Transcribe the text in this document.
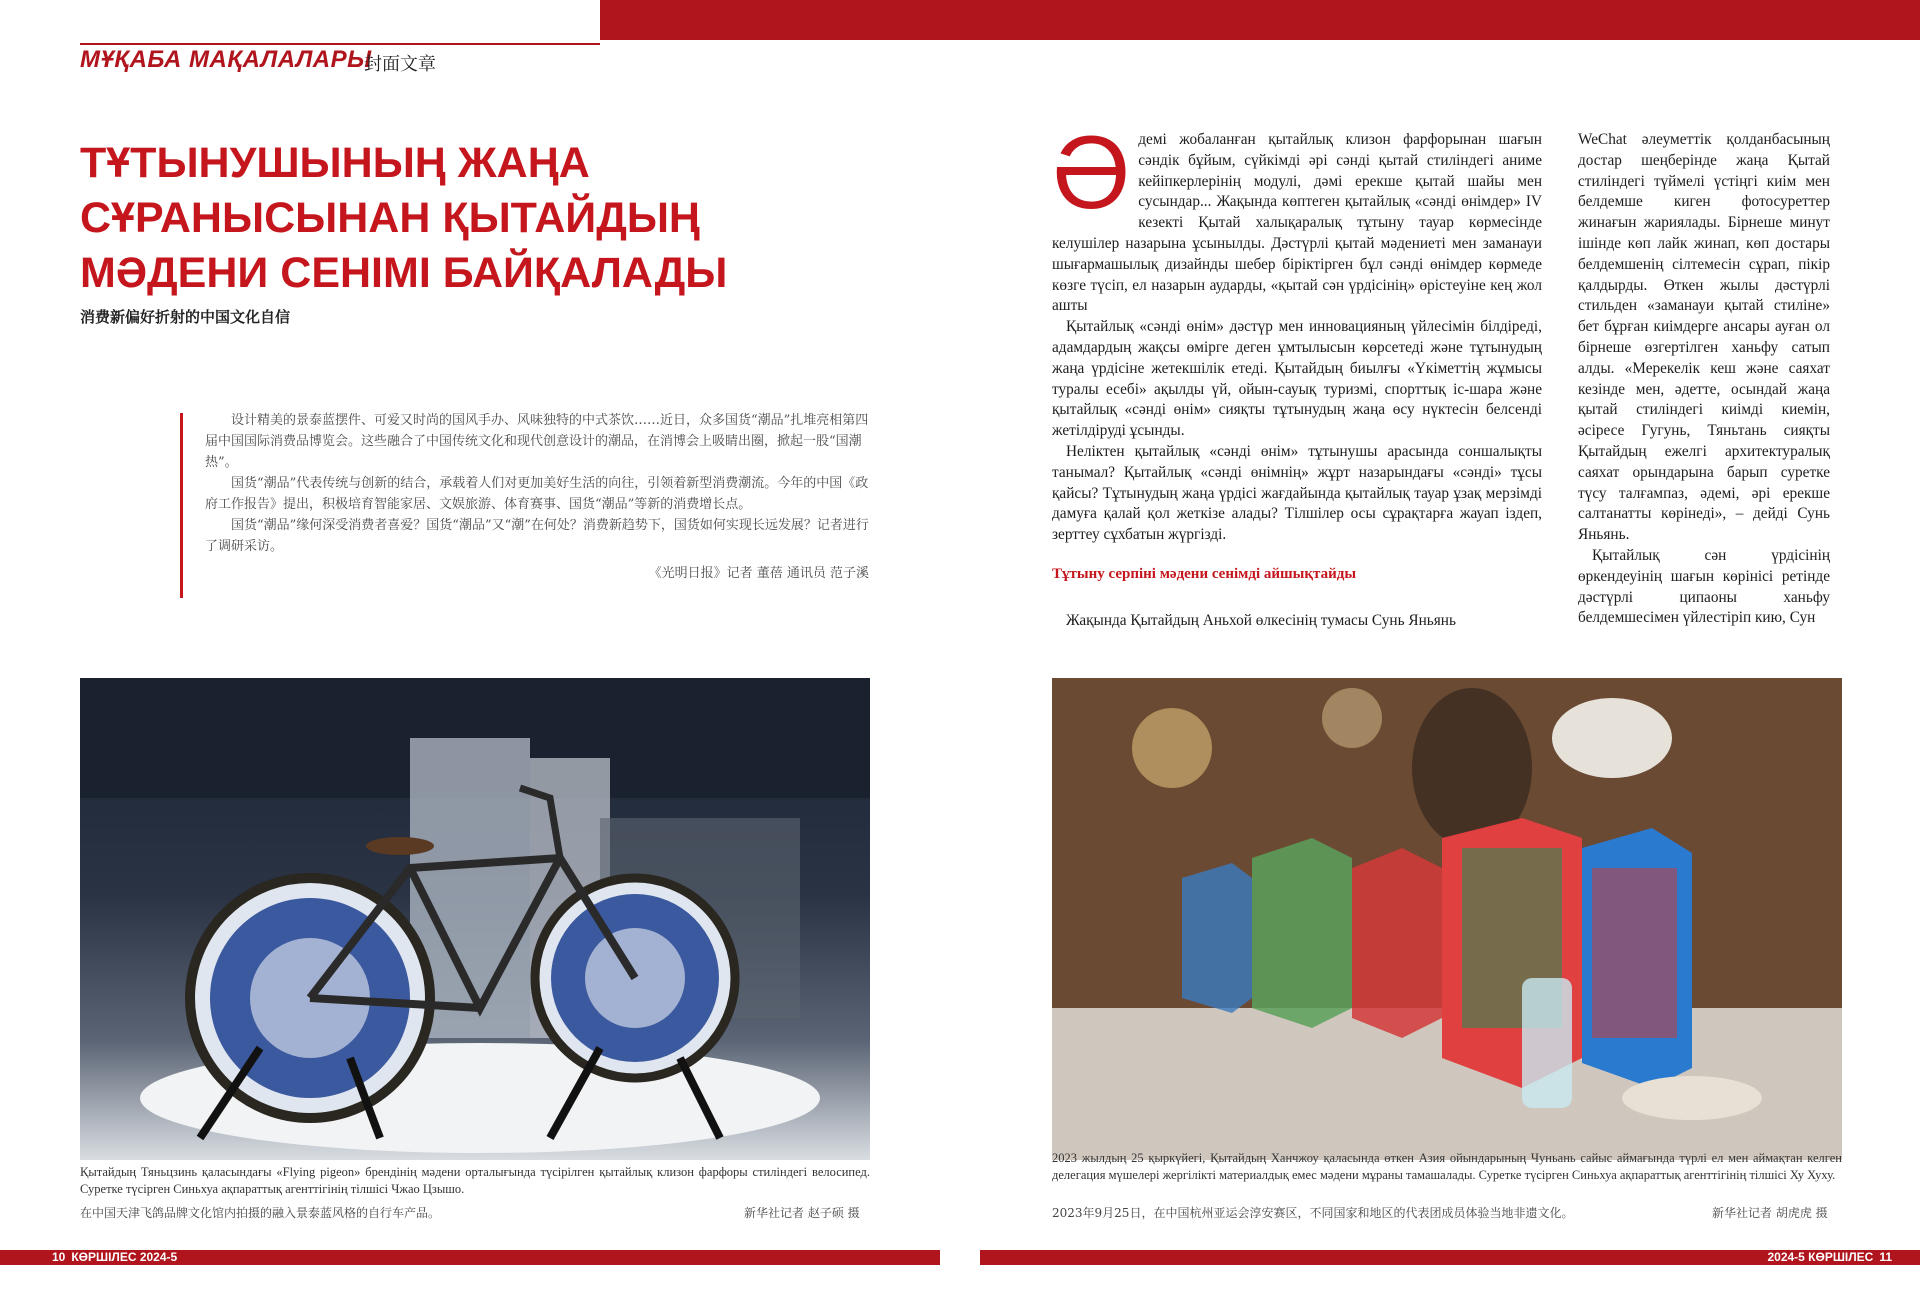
МҰҚАБА МАҚАЛАЛАРЫ
封面文章
ТҰТЫНУШЫНЫҢ ЖАҢА
СҰРАНЫСЫНАН ҚЫТАЙДЫҢ
МӘДЕНИ СЕНІМІ БАЙҚАЛАДЫ
消费新偏好折射的中国文化自信

设计精美的景泰蓝摆件、可爱又时尚的国风手办、风味独特的中式茶饮……近日，众多国货“潮品”扎堆亮相第四届中国国际消费品博览会。这些融合了中国传统文化和现代创意设计的潮品，在消博会上吸睛出圈，掀起一股“国潮热”。

国货“潮品”代表传统与创新的结合，承载着人们对更加美好生活的向往，引领着新型消费潮流。今年的中国《政府工作报告》提出，积极培育智能家居、文娱旅游、体育赛事、国货“潮品”等新的消费增长点。

国货“潮品”缘何深受消费者喜爱？国货“潮品”又“潮”在何处？消费新趋势下，国货如何实现长远发展？记者进行了调研采访。

《光明日报》记者 董蓓 通讯员 范子溪

Әдемі жобаланған қытайлық клизон фарфорынан шағын сәндік бұйым, сүйкімді әрі сәнді қытай стиліндегі аниме кейіпкерлерінің модулі, дәмі ерекше қытай шайы мен сусындар... Жақында көптеген қытайлық «сәнді өнімдер» IV кезекті Қытай халықаралық тұтыну тауар көрмесінде келушілер назарына ұсынылды. Дәстүрлі қытай мәдениеті мен заманауи шығармашылық дизайнды шебер біріктірген бұл сәнді өнімдер көрмеде көзге түсіп, ел назарын аударды, «қытай сән үрдісінің» өрістеуіне кең жол ашты

Қытайлық «сәнді өнім» дәстүр мен инновацияның үйлесімін білдіреді, адамдардың жақсы өмірге деген ұмтылысын көрсетеді және тұтынудың жаңа үрдісіне жетекшілік етеді. Қытайдың биылғы «Үкіметтің жұмысы туралы есебі» ақылды үй, ойын-сауық туризмі, спорттық іс-шара және қытайлық «сәнді өнім» сияқты тұтынудың жаңа өсу нүктесін белсенді жетілдіруді ұсынды.

Неліктен қытайлық «сәнді өнім» тұтынушы арасында соншалықты танымал? Қытайлық «сәнді өнімнің» жұрт назарындағы «сәнді» тұсы қайсы? Тұтынудың жаңа үрдісі жағдайында қытайлық тауар ұзақ мерзімді дамуға қалай қол жеткізе алады? Тілшілер осы сұрақтарға жауап іздеп, зерттеу сұхбатын жүргізді.

Тұтыну серпіні мәдени сенімді айшықтайды

Жақында Қытайдың Аньхой өлкесінің тумасы Сунь Яньянь

WeChat әлеуметтік қолданбасының достар шеңберінде жаңа Қытай стиліндегі түймелі үстіңгі киім мен белдемше киген фотосуреттер жинағын жариялады. Бірнеше минут ішінде көп лайк жинап, көп достары белдемшенің сілтемесін сұрап, пікір қалдырды. Өткен жылы дәстүрлі стильден «заманауи қытай стиліне» бет бұрған киімдерге ансары ауған ол бірнеше өзгертілген ханьфу сатып алды. «Мерекелік кеш және саяхат кезінде мен, әдетте, осындай жаңа қытай стиліндегі киімді киемін, әсіресе Гугунь, Тяньтань сияқты Қытайдың ежелгі архитектуралық саяхат орындарына барып суретке түсу талғампаз, әдемі, әрі ерекше салтанатты көрінеді», – дейді Сунь Яньянь.

Қытайлық сән үрдісінің өркендеуінің шағын көрінісі ретінде дәстүрлі ципаоны ханьфу белдемшесімен үйлестіріп кию, Сун

Қытайдың Тяньцзинь қаласындағы «Flying pigeon» брендінің мәдени орталығында түсірілген қытайлық клизон фарфоры стиліндегі велосипед. Суретке түсірген Синьхуа ақпараттық агенттігінің тілшісі Чжао Цзышо.
在中国天津飞鸽品牌文化馆内拍摄的融入景泰蓝风格的自行车产品。	新华社记者 赵子硕 摄
2023 жылдың 25 қыркүйегі, Қытайдың Ханчжоу қаласында өткен Азия ойындарының Чуньань сайыс аймағында түрлі ел мен аймақтан келген делегация мүшелері жергілікті материалдық емес мәдени мұраны тамашалады. Суретке түсірген Синьхуа ақпараттық агенттігінің тілшісі Ху Хуху.
2023年9月25日，在中国杭州亚运会淳安赛区，不同国家和地区的代表团成员体验当地非遗文化。	新华社记者 胡虎虎 摄
10 КӨРШІЛЕС 2024-5	2024-5 КӨРШІЛЕС 11
